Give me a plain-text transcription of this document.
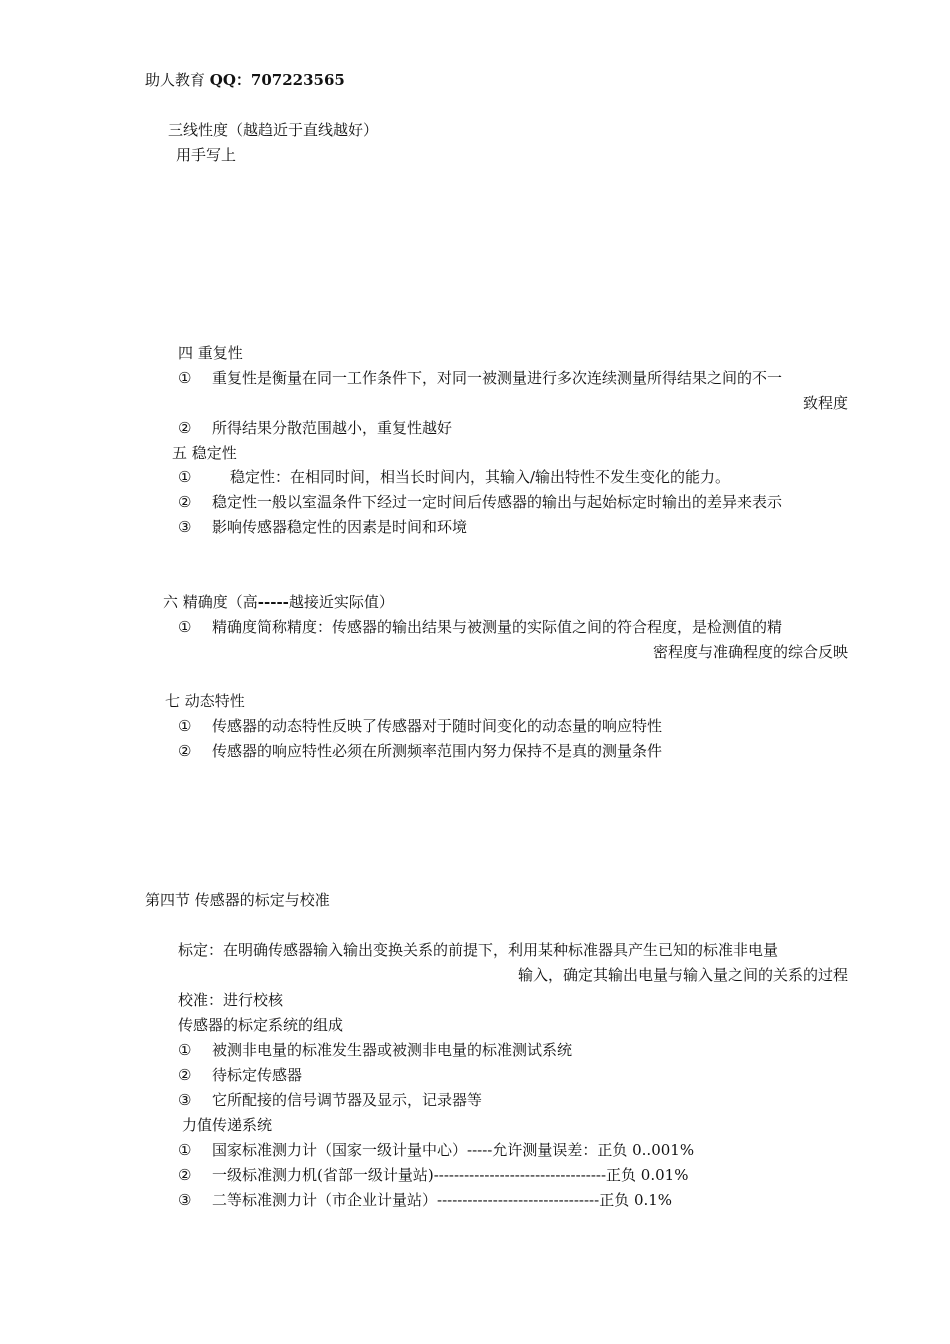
助人教育 QQ：707223565
三线性度（越趋近于直线越好）
用手写上
四 重复性
① 重复性是衡量在同一工作条件下，对同一被测量进行多次连续测量所得结果之间的不一
致程度
② 所得结果分散范围越小，重复性越好
五 稳定性
①	稳定性：在相同时间，相当长时间内，其输入/输出特性不发生变化的能力。
② 稳定性一般以室温条件下经过一定时间后传感器的输出与起始标定时输出的差异来表示
③ 影响传感器稳定性的因素是时间和环境
六 精确度（高-----越接近实际值）
① 精确度简称精度：传感器的输出结果与被测量的实际值之间的符合程度，是检测值的精
密程度与准确程度的综合反映
七 动态特性
① 传感器的动态特性反映了传感器对于随时间变化的动态量的响应特性
② 传感器的响应特性必须在所测频率范围内努力保持不是真的测量条件
第四节 传感器的标定与校准
标定：在明确传感器输入输出变换关系的前提下，利用某种标准器具产生已知的标准非电量
输入，确定其输出电量与输入量之间的关系的过程
校准：进行校核
传感器的标定系统的组成
① 被测非电量的标准发生器或被测非电量的标准测试系统
② 待标定传感器
③ 它所配接的信号调节器及显示，记录器等
力值传递系统
① 国家标准测力计（国家一级计量中心）-----允许测量误差：正负 0..001%
② 一级标准测力机(省部一级计量站)----------------------------------正负 0.01%
③ 二等标准测力计（市企业计量站）--------------------------------正负 0.1%
